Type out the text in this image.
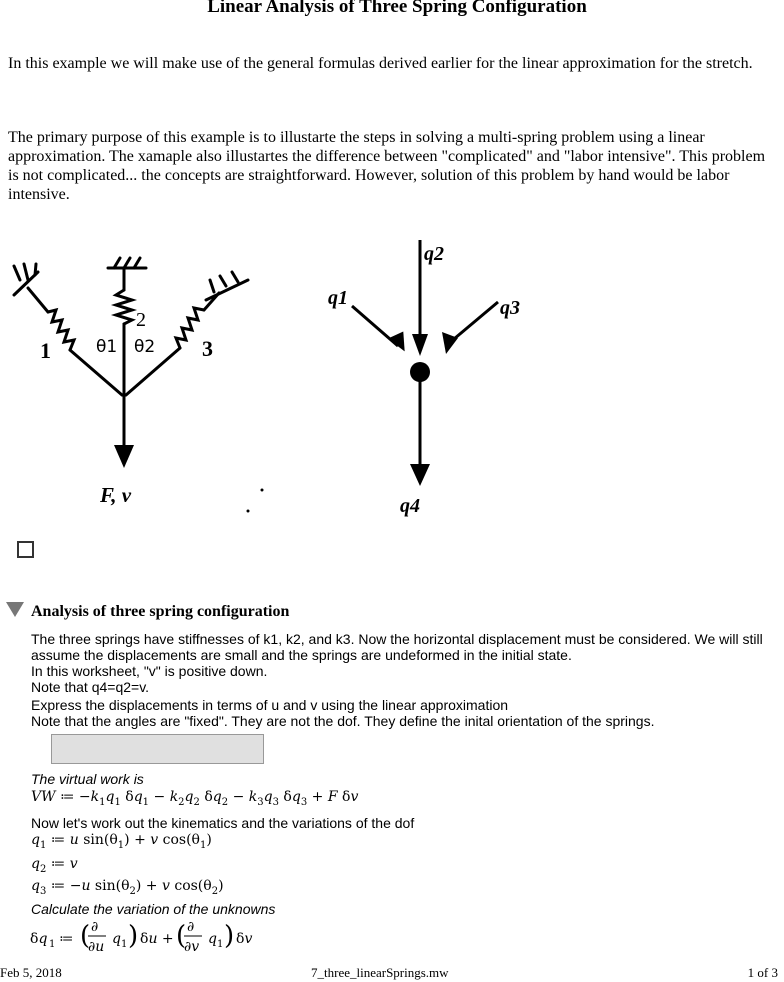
Linear Analysis of Three Spring Configuration

In this example we will make use of the general formulas derived earlier for the linear approximation for the stretch.

The primary purpose of this example is to illustarte the steps in solving a multi-spring problem using a linear approximation. The xamaple also illustartes the difference between "complicated" and "labor intensive". This problem is not complicated... the concepts are straightforward. However, solution of this problem by hand would be labor intensive.

1
2
3
θ1 θ2
F, v
q2
q1	q3
q4
Analysis of three spring configuration
The three springs have stiffnesses of k1, k2, and k3. Now the horizontal displacement must be considered. We will still
assume the displacements are small and the springs are undeformed in the initial state.
In this worksheet, "v" is positive down.
Note that q4=q2=v.
Express the displacements in terms of u and v using the linear approximation
Note that the angles are "fixed". They are not the dof. They define the inital orientation of the springs.
The virtual work is
VW ≔ $-k_1q_1$ $\delta q_1 - k_2q_2$ $\delta q_2 - k_3q_3$ $\delta q_3 + F$ δv
Now let's work out the kinematics and the variations of the dof
$q_1$ ≔ u $\sin(\theta_1) + v$ $\cos(\theta_1)$
$q_2$ ≔ v
$q_3$ ≔ −u $\sin(\theta_2) + v$ $\cos(\theta_2)$
Calculate the variation of the unknowns
δq 1 ≔ ( ∂
∂u q 1 ) δu + ( ∂
∂v q 1 ) δv
Feb 5, 2018	7_three_linearSprings.mw	1 of 3
